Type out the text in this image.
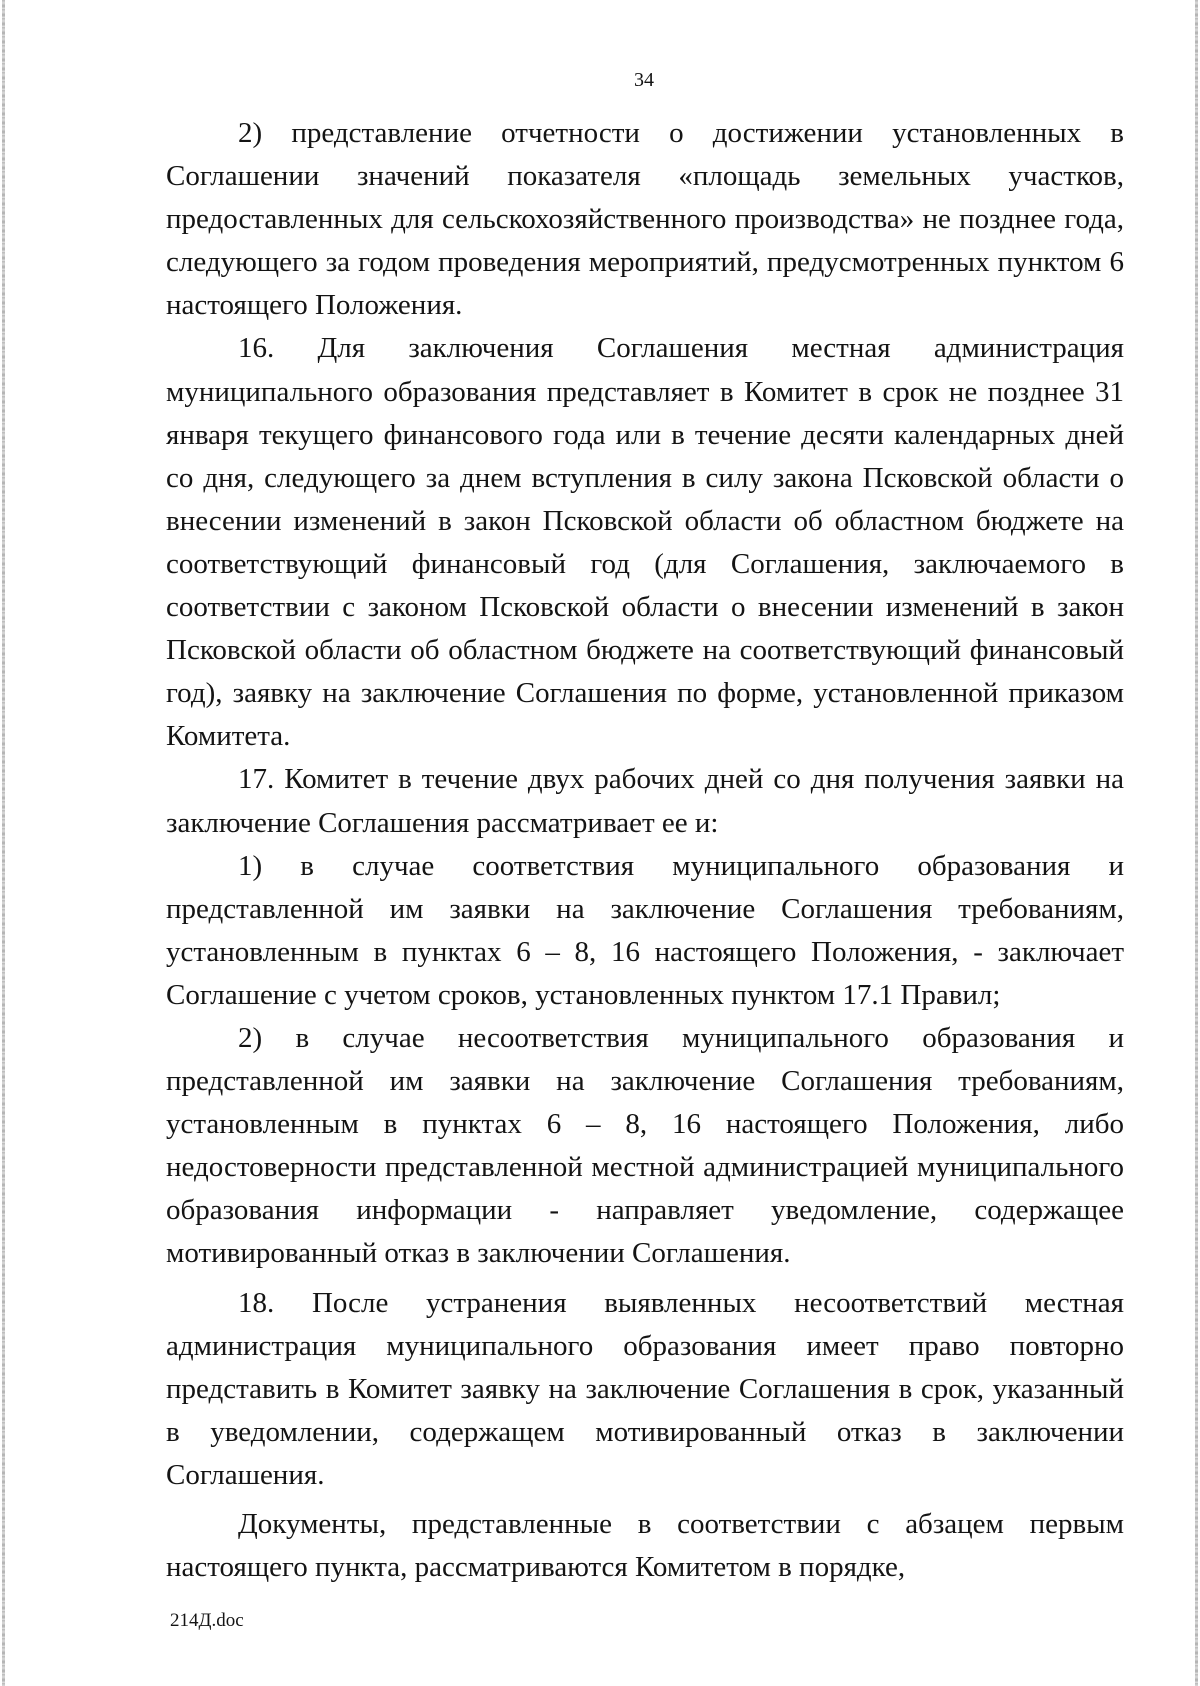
34

2) представление отчетности о достижении установленных в Соглашении значений показателя «площадь земельных участков, предоставленных для сельскохозяйственного производства» не позднее года, следующего за годом проведения мероприятий, предусмотренных пунктом 6 настоящего Положения.

16. Для заключения Соглашения местная администрация муниципального образования представляет в Комитет в срок не позднее 31 января текущего финансового года или в течение десяти календарных дней со дня, следующего за днем вступления в силу закона Псковской области о внесении изменений в закон Псковской области об областном бюджете на соответствующий финансовый год (для Соглашения, заключаемого в соответствии с законом Псковской области о внесении изменений в закон Псковской области об областном бюджете на соответствующий финансовый год), заявку на заключение Соглашения по форме, установленной приказом Комитета.

17. Комитет в течение двух рабочих дней со дня получения заявки на заключение Соглашения рассматривает ее и:

1) в случае соответствия муниципального образования и представленной им заявки на заключение Соглашения требованиям, установленным в пунктах 6 – 8, 16 настоящего Положения, - заключает Соглашение с учетом сроков, установленных пунктом 17.1 Правил;

2) в случае несоответствия муниципального образования и представленной им заявки на заключение Соглашения требованиям, установленным в пунктах 6 – 8, 16 настоящего Положения, либо недостоверности представленной местной администрацией муниципального образования информации - направляет уведомление, содержащее мотивированный отказ в заключении Соглашения.

18. После устранения выявленных несоответствий местная администрация муниципального образования имеет право повторно представить в Комитет заявку на заключение Соглашения в срок, указанный в уведомлении, содержащем мотивированный отказ в заключении Соглашения.

Документы, представленные в соответствии с абзацем первым настоящего пункта, рассматриваются Комитетом в порядке,

214Д.doc
